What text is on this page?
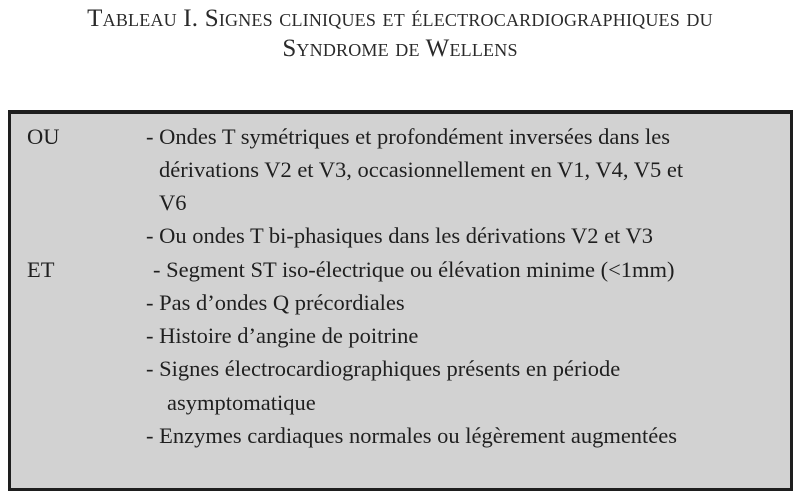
Tableau I. Signes cliniques et électrocardiographiques du
Syndrome de Wellens
OU	- Ondes T symétriques et profondément inversées dans les
dérivations V2 et V3, occasionnellement en V1, V4, V5 et
V6
- Ou ondes T bi-phasiques dans les dérivations V2 et V3
ET	- Segment ST iso-électrique ou élévation minime (<1mm)
- Pas d’ondes Q précordiales
- Histoire d’angine de poitrine
- Signes électrocardiographiques présents en période
asymptomatique
- Enzymes cardiaques normales ou légèrement augmentées
